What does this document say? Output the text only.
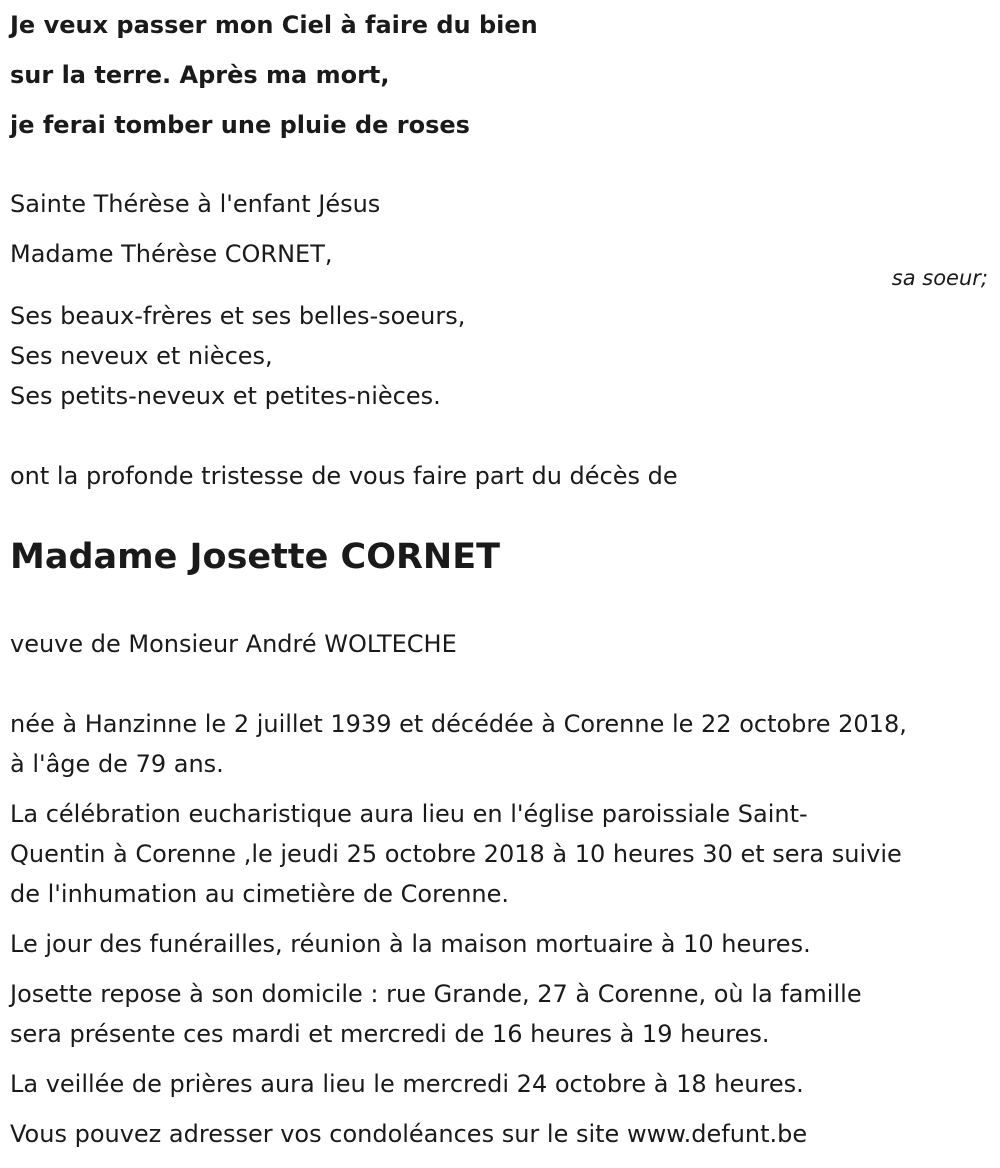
Je veux passer mon Ciel à faire du bien

sur la terre. Après ma mort,

je ferai tomber une pluie de roses

Sainte Thérèse à l'enfant Jésus

Madame Thérèse CORNET,

sa soeur;

Ses beaux-frères et ses belles-soeurs,

Ses neveux et nièces,

Ses petits-neveux et petites-nièces.

ont la profonde tristesse de vous faire part du décès de

Madame Josette CORNET

veuve de Monsieur André WOLTECHE

née à Hanzinne le 2 juillet 1939 et décédée à Corenne le 22 octobre 2018,

à l'âge de 79 ans.

La célébration eucharistique aura lieu en l'église paroissiale Saint-

Quentin à Corenne ,le jeudi 25 octobre 2018 à 10 heures 30 et sera suivie

de l'inhumation au cimetière de Corenne.

Le jour des funérailles, réunion à la maison mortuaire à 10 heures.

Josette repose à son domicile : rue Grande, 27 à Corenne, où la famille

sera présente ces mardi et mercredi de 16 heures à 19 heures.

La veillée de prières aura lieu le mercredi 24 octobre à 18 heures.

Vous pouvez adresser vos condoléances sur le site www.defunt.be
